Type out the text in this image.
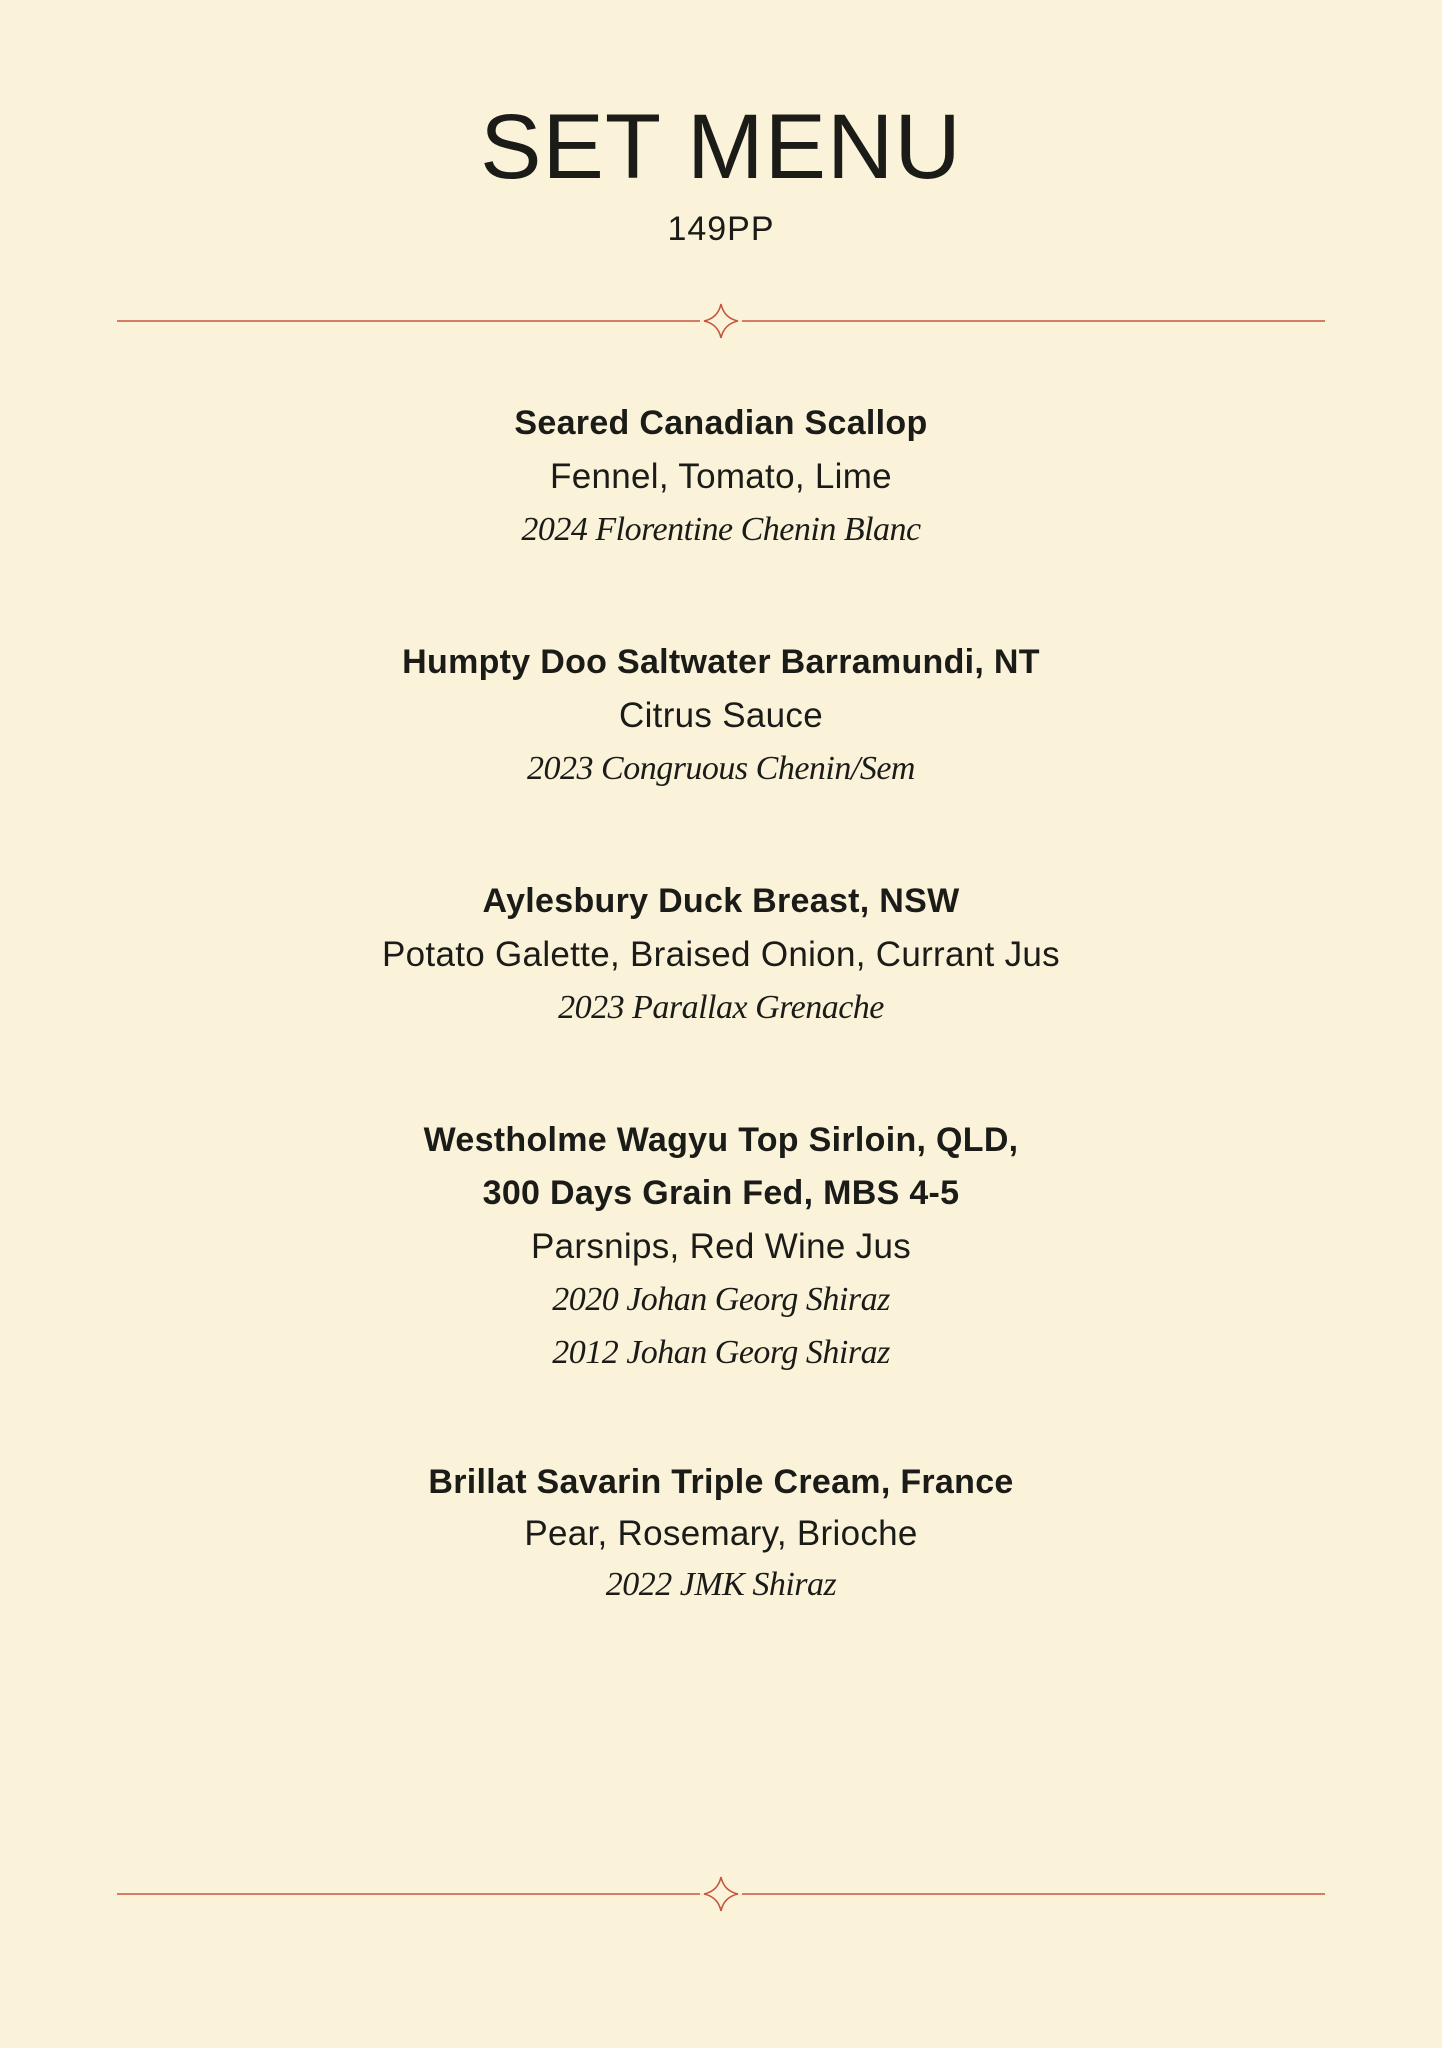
SET MENU
149PP
Seared Canadian Scallop
Fennel, Tomato, Lime
2024 Florentine Chenin Blanc
Humpty Doo Saltwater Barramundi, NT
Citrus Sauce
2023 Congruous Chenin/Sem
Aylesbury Duck Breast, NSW
Potato Galette, Braised Onion, Currant Jus
2023 Parallax Grenache
Westholme Wagyu Top Sirloin, QLD,
300 Days Grain Fed, MBS 4-5
Parsnips, Red Wine Jus
2020 Johan Georg Shiraz
2012 Johan Georg Shiraz
Brillat Savarin Triple Cream, France
Pear, Rosemary, Brioche
2022 JMK Shiraz
